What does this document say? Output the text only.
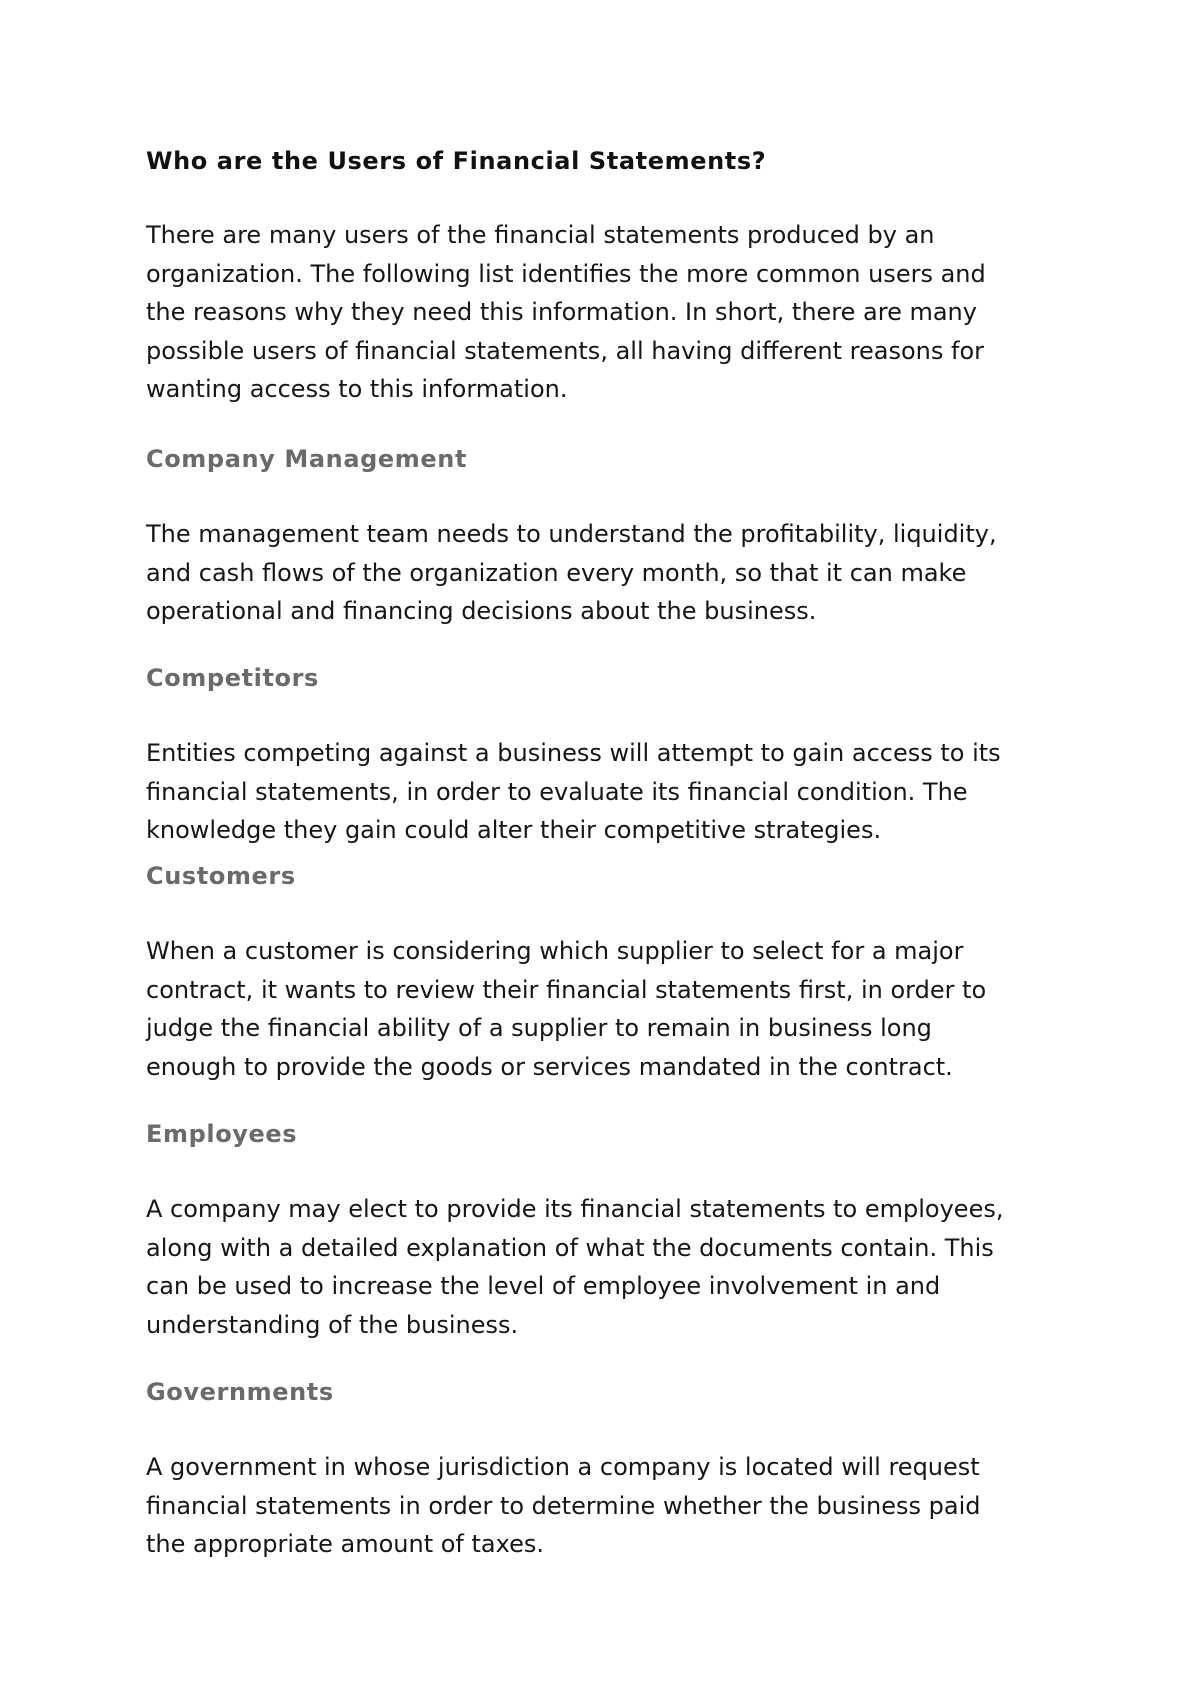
Who are the Users of Financial Statements?

There are many users of the financial statements produced by an
organization. The following list identifies the more common users and
the reasons why they need this information. In short, there are many
possible users of financial statements, all having different reasons for
wanting access to this information.

Company Management

The management team needs to understand the profitability, liquidity,
and cash flows of the organization every month, so that it can make
operational and financing decisions about the business.

Competitors

Entities competing against a business will attempt to gain access to its
financial statements, in order to evaluate its financial condition. The
knowledge they gain could alter their competitive strategies.

Customers

When a customer is considering which supplier to select for a major
contract, it wants to review their financial statements first, in order to
judge the financial ability of a supplier to remain in business long
enough to provide the goods or services mandated in the contract.

Employees

A company may elect to provide its financial statements to employees,
along with a detailed explanation of what the documents contain. This
can be used to increase the level of employee involvement in and
understanding of the business.

Governments

A government in whose jurisdiction a company is located will request
financial statements in order to determine whether the business paid
the appropriate amount of taxes.
